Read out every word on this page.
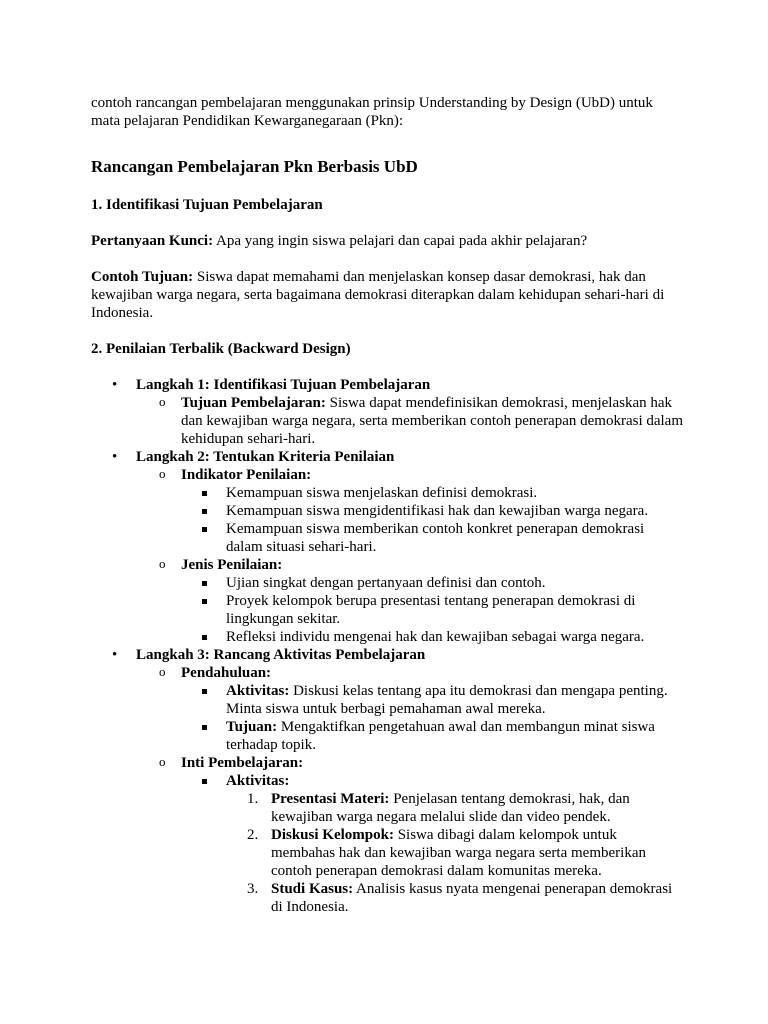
contoh rancangan pembelajaran menggunakan prinsip Understanding by Design (UbD) untuk mata pelajaran Pendidikan Kewarganegaraan (Pkn):

Rancangan Pembelajaran Pkn Berbasis UbD
1. Identifikasi Tujuan Pembelajaran

Pertanyaan Kunci: Apa yang ingin siswa pelajari dan capai pada akhir pelajaran?

Contoh Tujuan: Siswa dapat memahami dan menjelaskan konsep dasar demokrasi, hak dan kewajiban warga negara, serta bagaimana demokrasi diterapkan dalam kehidupan sehari-hari di Indonesia.

2. Penilaian Terbalik (Backward Design)
• Langkah 1: Identifikasi Tujuan Pembelajaran
o Tujuan Pembelajaran: Siswa dapat mendefinisikan demokrasi, menjelaskan hak dan kewajiban warga negara, serta memberikan contoh penerapan demokrasi dalam kehidupan sehari-hari.
• Langkah 2: Tentukan Kriteria Penilaian
o Indikator Penilaian:
Kemampuan siswa menjelaskan definisi demokrasi.
Kemampuan siswa mengidentifikasi hak dan kewajiban warga negara.
Kemampuan siswa memberikan contoh konkret penerapan demokrasi dalam situasi sehari-hari.
o Jenis Penilaian:
Ujian singkat dengan pertanyaan definisi dan contoh.
Proyek kelompok berupa presentasi tentang penerapan demokrasi di lingkungan sekitar.
Refleksi individu mengenai hak dan kewajiban sebagai warga negara.
• Langkah 3: Rancang Aktivitas Pembelajaran
o Pendahuluan:
Aktivitas: Diskusi kelas tentang apa itu demokrasi dan mengapa penting. Minta siswa untuk berbagi pemahaman awal mereka.
Tujuan: Mengaktifkan pengetahuan awal dan membangun minat siswa terhadap topik.
o Inti Pembelajaran:
Aktivitas:
Presentasi Materi: Penjelasan tentang demokrasi, hak, dan kewajiban warga negara melalui slide dan video pendek.
Diskusi Kelompok: Siswa dibagi dalam kelompok untuk membahas hak dan kewajiban warga negara serta memberikan contoh penerapan demokrasi dalam komunitas mereka.
Studi Kasus: Analisis kasus nyata mengenai penerapan demokrasi di Indonesia.
